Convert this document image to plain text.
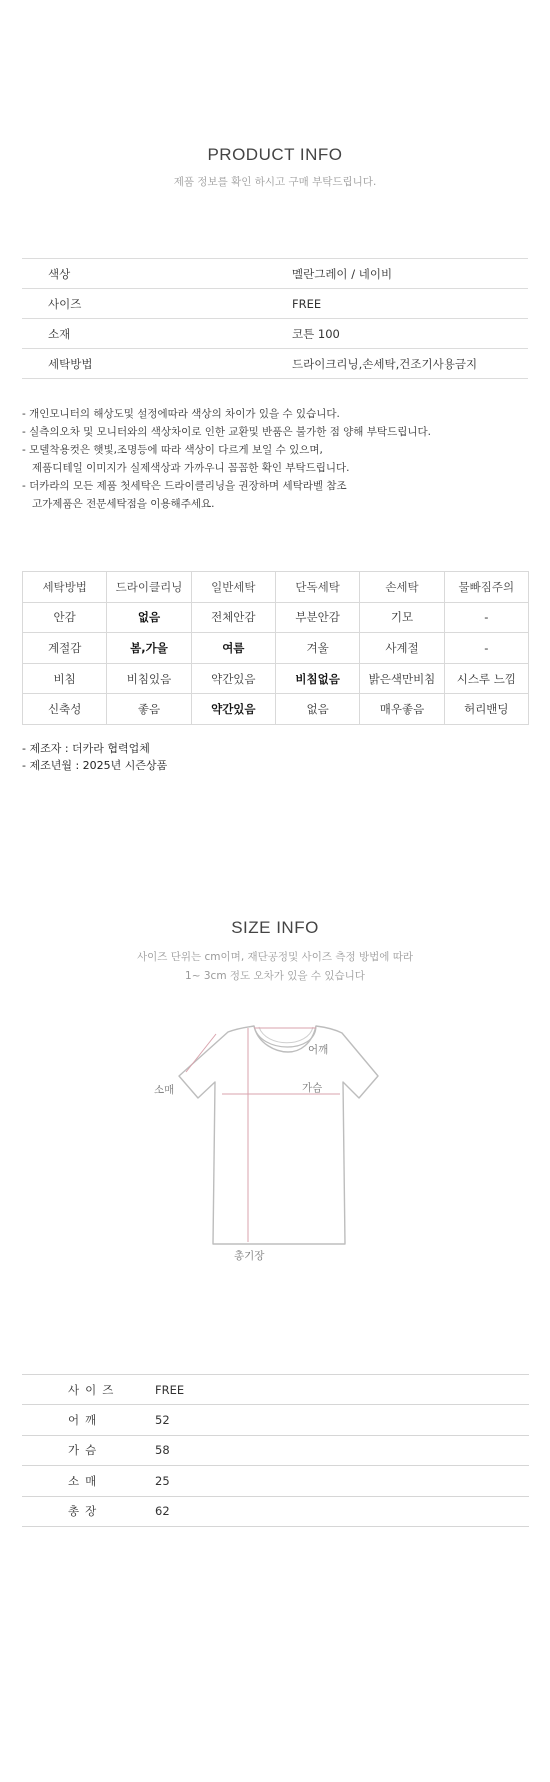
PRODUCT INFO
제품 정보를 확인 하시고 구매 부탁드립니다.
색상	멜란그레이 / 네이비
사이즈	FREE
소재	코튼 100
세탁방법	드라이크리닝,손세탁,건조기사용금지
- 개인모니터의 해상도및 설정에따라 색상의 차이가 있을 수 있습니다.
- 실측의오차 및 모니터와의 색상차이로 인한 교환및 반품은 불가한 점 양해 부탁드립니다.
- 모델착용컷은 햇빛,조명등에 따라 색상이 다르게 보일 수 있으며,
제품디테일 이미지가 실제색상과 가까우니 꼼꼼한 확인 부탁드립니다.
- 더카라의 모든 제품 첫세탁은 드라이클리닝을 권장하며 세탁라벨 참조
고가제품은 전문세탁점을 이용해주세요.
세탁방법	드라이클리닝	일반세탁	단독세탁	손세탁	물빠짐주의
안감	없음	전체안감	부분안감	기모	-
계절감	봄,가을	여름	겨울	사계절	-
비침	비침있음	약간있음	비침없음	밝은색만비침	시스루 느낌
신축성	좋음	약간있음	없음	매우좋음	허리밴딩
- 제조자 : 더카라 협력업체
- 제조년월 : 2025년 시즌상품
SIZE INFO
사이즈 단위는 cm이며, 재단공정및 사이즈 측정 방법에 따라
1~ 3cm 정도 오차가 있을 수 있습니다
어깨
가슴
소매
총기장
사이즈	FREE
어깨	52
가슴	58
소매	25
총장	62
